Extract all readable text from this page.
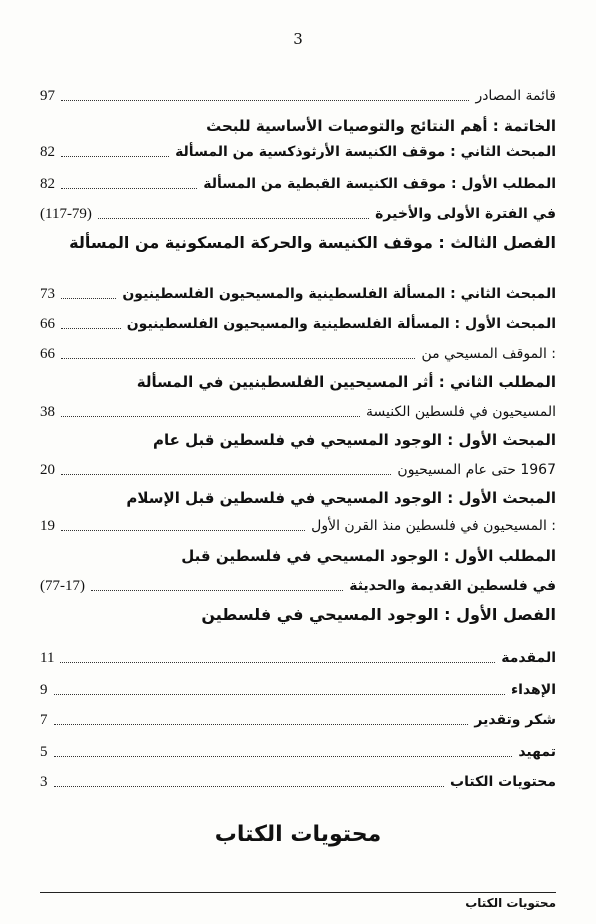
3
97	قائمة المصادر
الخاتمة : أهم النتائج والتوصيات الأساسية للبحث
82	المبحث الثاني : موقف الكنيسة الأرثوذكسية من المسألة
82	المطلب الأول : موقف الكنيسة القبطية من المسألة
(117-79)	في الفترة الأولى والأخيرة
الفصل الثالث : موقف الكنيسة والحركة المسكونية من المسألة
73	المبحث الثاني : المسألة الفلسطينية والمسيحيون الفلسطينيون
66	المبحث الأول : المسألة الفلسطينية والمسيحيون الفلسطينيون
66	: الموقف المسيحي من
المطلب الثاني : أثر المسيحيين الفلسطينيين في المسألة
38	المسيحيون في فلسطين الكنيسة
المبحث الأول : الوجود المسيحي في فلسطين قبل عام
20	1967 حتى عام المسيحيون
المبحث الأول : الوجود المسيحي في فلسطين قبل الإسلام
19	: المسيحيون في فلسطين منذ القرن الأول
المطلب الأول : الوجود المسيحي في فلسطين قبل
(77-17)	في فلسطين القديمة والحديثة
الفصل الأول : الوجود المسيحي في فلسطين
11	المقدمة
9	الإهداء
7	شكر وتقدير
5	تمهيد
3	محتويات الكتاب
محتويات الكتاب
محتويات الكتاب
